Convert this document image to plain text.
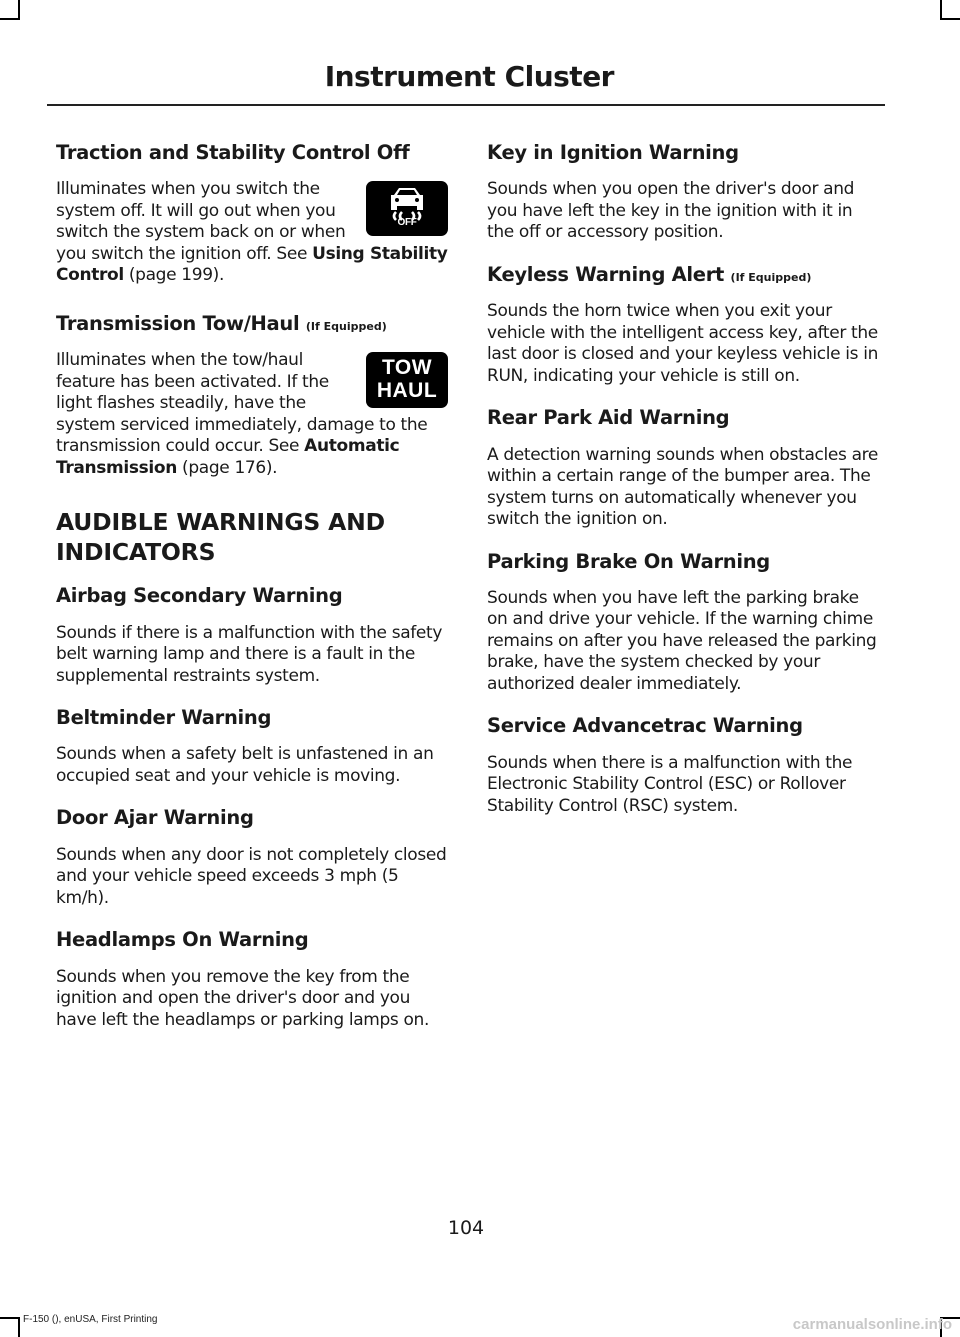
Instrument Cluster
Traction and Stability Control Off

OFF
Illuminates when you switch the system off. It will go out when you switch the system back on or when you switch the ignition off. See Using Stability Control (page 199).

Transmission Tow/Haul (If Equipped)

TOW
HAUL
Illuminates when the tow/haul feature has been activated. If the light flashes steadily, have the system serviced immediately, damage to the transmission could occur. See Automatic Transmission (page 176).

AUDIBLE WARNINGS AND INDICATORS
Airbag Secondary Warning

Sounds if there is a malfunction with the safety belt warning lamp and there is a fault in the supplemental restraints system.

Beltminder Warning

Sounds when a safety belt is unfastened in an occupied seat and your vehicle is moving.

Door Ajar Warning

Sounds when any door is not completely closed and your vehicle speed exceeds 3 mph (5 km/h).

Headlamps On Warning

Sounds when you remove the key from the ignition and open the driver's door and you have left the headlamps or parking lamps on.

Key in Ignition Warning

Sounds when you open the driver's door and you have left the key in the ignition with it in the off or accessory position.

Keyless Warning Alert (If Equipped)

Sounds the horn twice when you exit your vehicle with the intelligent access key, after the last door is closed and your keyless vehicle is in RUN, indicating your vehicle is still on.

Rear Park Aid Warning

A detection warning sounds when obstacles are within a certain range of the bumper area. The system turns on automatically whenever you switch the ignition on.

Parking Brake On Warning

Sounds when you have left the parking brake on and drive your vehicle. If the warning chime remains on after you have released the parking brake, have the system checked by your authorized dealer immediately.

Service Advancetrac Warning

Sounds when there is a malfunction with the Electronic Stability Control (ESC) or Rollover Stability Control (RSC) system.

104
F-150 (), enUSA, First Printing	carmanualsonline.info
